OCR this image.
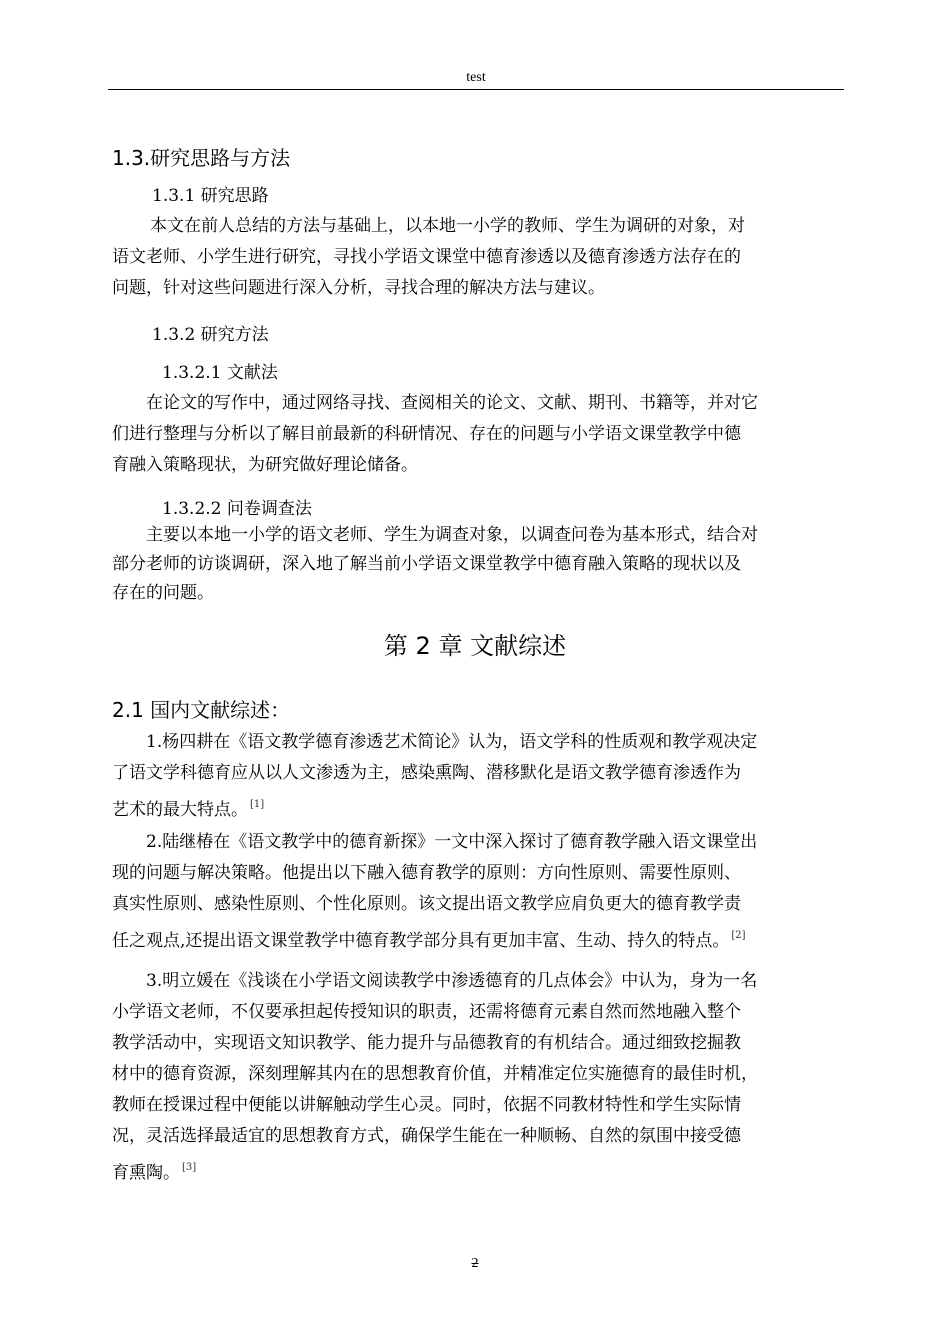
test
1.3.研究思路与方法
1.3.1 研究思路
本文在前人总结的方法与基础上，以本地一小学的教师、学生为调研的对象，对
语文老师、小学生进行研究，寻找小学语文课堂中德育渗透以及德育渗透方法存在的
问题，针对这些问题进行深入分析，寻找合理的解决方法与建议。
1.3.2 研究方法
1.3.2.1 文献法
在论文的写作中，通过网络寻找、查阅相关的论文、文献、期刊、书籍等，并对它
们进行整理与分析以了解目前最新的科研情况、存在的问题与小学语文课堂教学中德
育融入策略现状，为研究做好理论储备。
1.3.2.2 问卷调查法
主要以本地一小学的语文老师、学生为调查对象，以调查问卷为基本形式，结合对
部分老师的访谈调研，深入地了解当前小学语文课堂教学中德育融入策略的现状以及
存在的问题。
第 2 章 文献综述
2.1 国内文献综述：
1.杨四耕在《语文教学德育渗透艺术简论》认为，语文学科的性质观和教学观决定
了语文学科德育应从以人文渗透为主，感染熏陶、潜移默化是语文教学德育渗透作为
艺术的最大特点。 [1]
2.陆继椿在《语文教学中的德育新探》一文中深入探讨了德育教学融入语文课堂出
现的问题与解决策略。他提出以下融入德育教学的原则：方向性原则、需要性原则、
真实性原则、感染性原则、个性化原则。该文提出语文教学应肩负更大的德育教学责
任之观点,还提出语文课堂教学中德育教学部分具有更加丰富、生动、持久的特点。 [2]
3.明立媛在《浅谈在小学语文阅读教学中渗透德育的几点体会》中认为，身为一名
小学语文老师，不仅要承担起传授知识的职责，还需将德育元素自然而然地融入整个
教学活动中，实现语文知识教学、能力提升与品德教育的有机结合。通过细致挖掘教
材中的德育资源，深刻理解其内在的思想教育价值，并精准定位实施德育的最佳时机，
教师在授课过程中便能以讲解触动学生心灵。同时，依据不同教材特性和学生实际情
况，灵活选择最适宜的思想教育方式，确保学生能在一种顺畅、自然的氛围中接受德
育熏陶。 [3]
2
